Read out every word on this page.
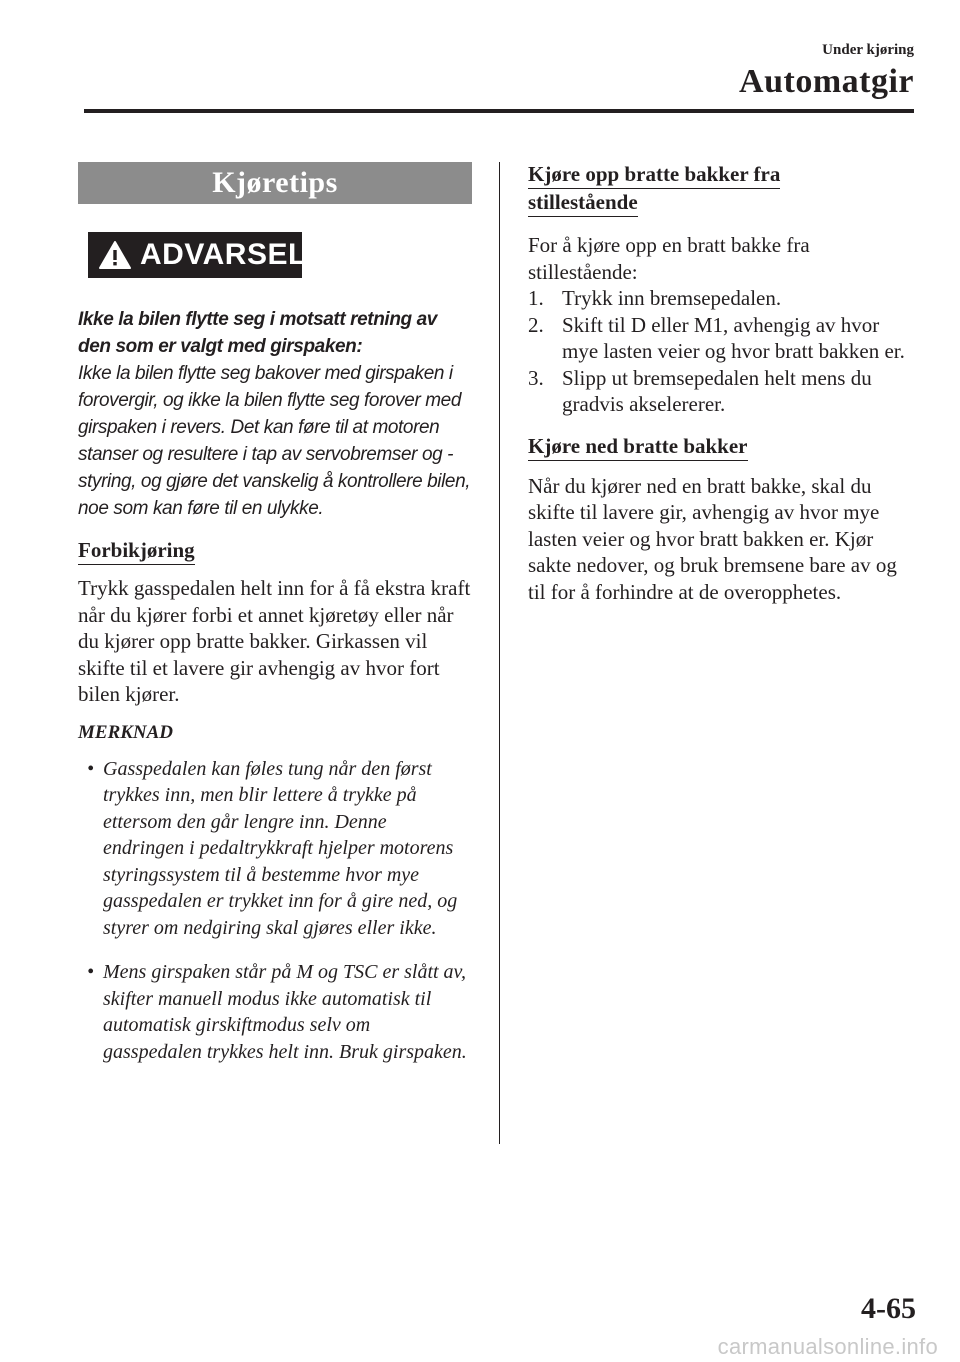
Under kjøring
Automatgir
Kjøretips
ADVARSEL
Ikke la bilen flytte seg i motsatt retning av den som er valgt med girspaken:
Ikke la bilen flytte seg bakover med girspaken i forovergir, og ikke la bilen flytte seg forover med girspaken i revers. Det kan føre til at motoren stanser og resultere i tap av servobremser og -styring, og gjøre det vanskelig å kontrollere bilen, noe som kan føre til en ulykke.
Forbikjøring
Trykk gasspedalen helt inn for å få ekstra kraft når du kjører forbi et annet kjøretøy eller når du kjører opp bratte bakker. Girkassen vil skifte til et lavere gir avhengig av hvor fort bilen kjører.
MERKNAD
• Gasspedalen kan føles tung når den først trykkes inn, men blir lettere å trykke på ettersom den går lengre inn. Denne endringen i pedaltrykkraft hjelper motorens styringssystem til å bestemme hvor mye gasspedalen er trykket inn for å gire ned, og styrer om nedgiring skal gjøres eller ikke.
• Mens girspaken står på M og TSC er slått av, skifter manuell modus ikke automatisk til automatisk girskiftmodus selv om gasspedalen trykkes helt inn. Bruk girspaken.
Kjøre opp bratte bakker fra
stillestående
For å kjøre opp en bratt bakke fra stillestående:
1. Trykk inn bremsepedalen.
2. Skift til D eller M1, avhengig av hvor mye lasten veier og hvor bratt bakken er.
3. Slipp ut bremsepedalen helt mens du gradvis akselererer.
Kjøre ned bratte bakker
Når du kjører ned en bratt bakke, skal du skifte til lavere gir, avhengig av hvor mye lasten veier og hvor bratt bakken er. Kjør sakte nedover, og bruk bremsene bare av og til for å forhindre at de overopphetes.
4-65
carmanualsonline.info
